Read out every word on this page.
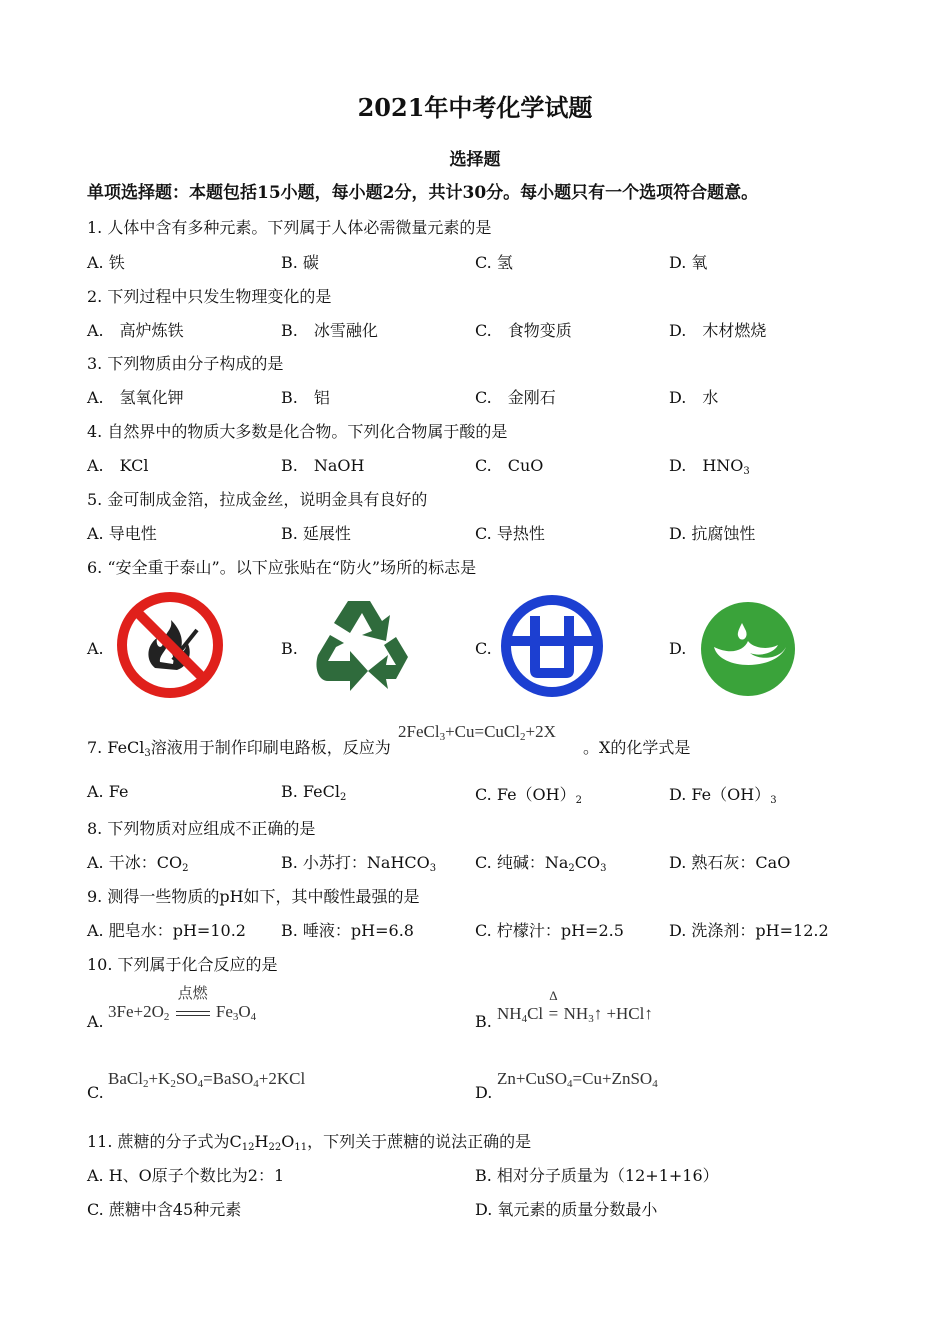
2021年中考化学试题
选择题
单项选择题：本题包括15小题，每小题2分，共计30分。每小题只有一个选项符合题意。
1. 人体中含有多种元素。下列属于人体必需微量元素的是
A. 铁	B. 碳	C. 氢	D. 氧
2. 下列过程中只发生物理变化的是
A.　高炉炼铁	B.　冰雪融化	C.　食物变质	D.　木材燃烧
3. 下列物质由分子构成的是
A.　氢氧化钾	B.　铝	C.　金刚石	D.　水
4. 自然界中的物质大多数是化合物。下列化合物属于酸的是
A.　KCl	B.　NaOH	C.　CuO	D.　$HNO_3$
5. 金可制成金箔，拉成金丝，说明金具有良好的
A. 导电性	B. 延展性	C. 导热性	D. 抗腐蚀性
6. “安全重于泰山”。以下应张贴在“防火”场所的标志是
A.	B.	C.	D.
7. FeCl$_3$溶液用于制作印刷电路板，反应为
2FeCl$_3$+Cu=CuCl$_2$+2X
。X的化学式是
A. Fe	B. FeCl$_2$	C. $Fe(OH)_2$	D. $Fe(OH)_3$
8. 下列物质对应组成不正确的是
A. 干冰：$CO_2$	B. 小苏打：NaHCO$_3$ C. 纯碱：$Na_2CO_3$	D. 熟石灰：CaO
9. 测得一些物质的pH如下，其中酸性最强的是
A. 肥皂水：pH=10.2 B. 唾液：pH=6.8	C. 柠檬汁：pH=2.5	D. 洗涤剂：pH=12.2
10. 下列属于化合反应的是
A.
$3Fe+2O_2$
点燃
$Fe_3O_4$	B. $NH_4Cl$
Δ
= $NH_3↑$ +HCl↑
C.
$BaCl_2+K_2SO_4=BaSO_4+2KCl$
D.
Zn+CuSO$_4$=Cu+ZnSO$_4$
11. 蔗糖的分子式为$C_{12}H_{22}O_{11}$，下列关于蔗糖的说法正确的是
A. H、O原子个数比为2：1	B. 相对分子质量为（12+1+16）
C. 蔗糖中含45种元素	D. 氧元素的质量分数最小
